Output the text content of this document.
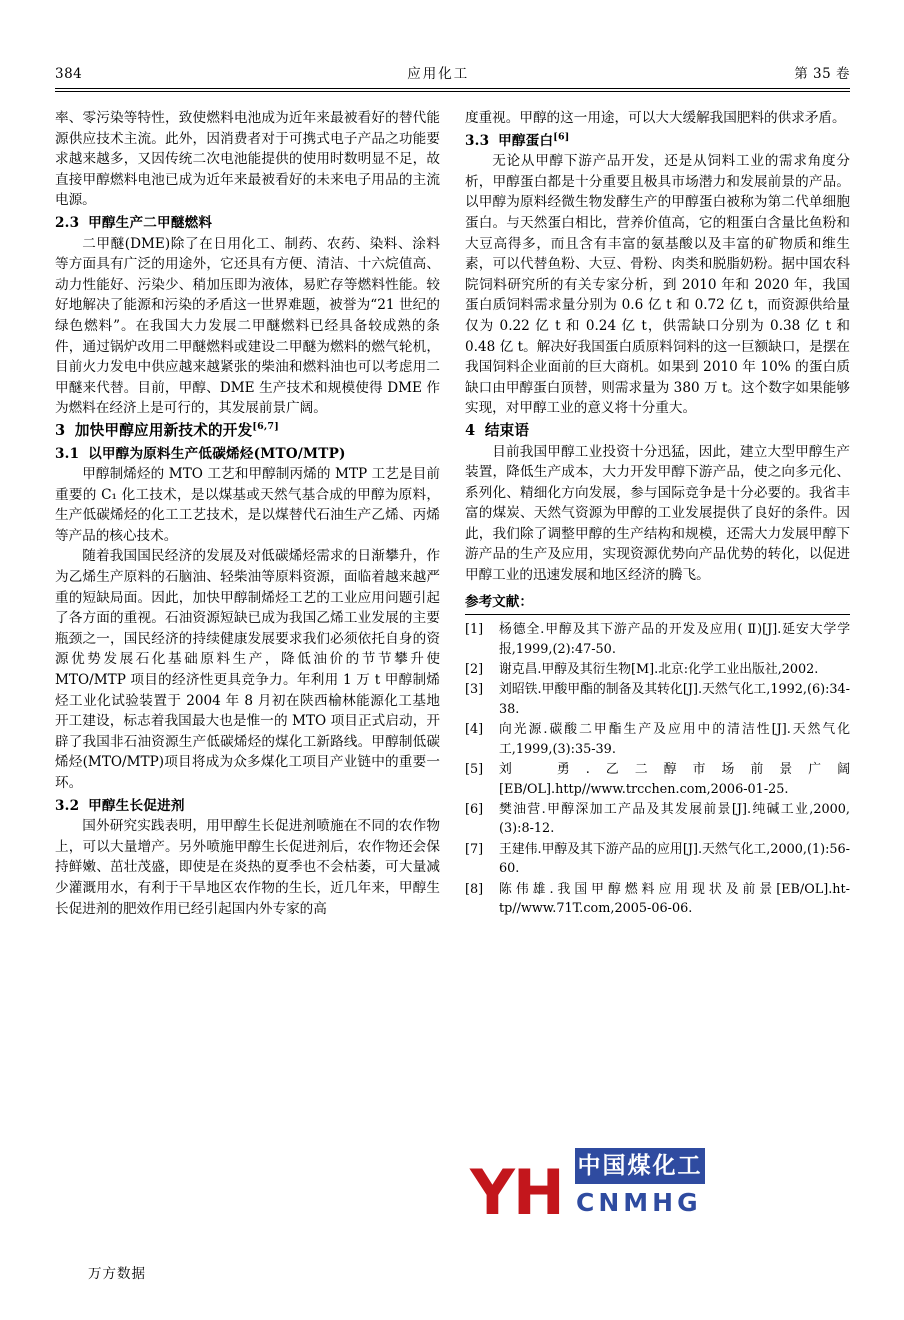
384	应用化工	第 35 卷

率、零污染等特性，致使燃料电池成为近年来最被看好的替代能源供应技术主流。此外，因消费者对于可携式电子产品之功能要求越来越多，又因传统二次电池能提供的使用时数明显不足，故直接甲醇燃料电池已成为近年来最被看好的未来电子用品的主流电源。

2.3 甲醇生产二甲醚燃料

二甲醚(DME)除了在日用化工、制药、农药、染料、涂料等方面具有广泛的用途外，它还具有方便、清洁、十六烷值高、动力性能好、污染少、稍加压即为液体，易贮存等燃料性能。较好地解决了能源和污染的矛盾这一世界难题，被誉为“21 世纪的绿色燃料”。在我国大力发展二甲醚燃料已经具备较成熟的条件，通过锅炉改用二甲醚燃料或建设二甲醚为燃料的燃气轮机，目前火力发电中供应越来越紧张的柴油和燃料油也可以考虑用二甲醚来代替。目前，甲醇、DME 生产技术和规模使得 DME 作为燃料在经济上是可行的，其发展前景广阔。

3 加快甲醇应用新技术的开发[6,7]

3.1 以甲醇为原料生产低碳烯烃(MTO/MTP)

甲醇制烯烃的 MTO 工艺和甲醇制丙烯的 MTP 工艺是目前重要的 C₁ 化工技术，是以煤基或天然气基合成的甲醇为原料，生产低碳烯烃的化工工艺技术，是以煤替代石油生产乙烯、丙烯等产品的核心技术。

随着我国国民经济的发展及对低碳烯烃需求的日渐攀升，作为乙烯生产原料的石脑油、轻柴油等原料资源，面临着越来越严重的短缺局面。因此，加快甲醇制烯烃工艺的工业应用问题引起了各方面的重视。石油资源短缺已成为我国乙烯工业发展的主要瓶颈之一，国民经济的持续健康发展要求我们必须依托自身的资源优势发展石化基础原料生产，降低油价的节节攀升使 MTO/MTP 项目的经济性更具竞争力。年利用 1 万 t 甲醇制烯烃工业化试验装置于 2004 年 8 月初在陕西榆林能源化工基地开工建设，标志着我国最大也是惟一的 MTO 项目正式启动，开辟了我国非石油资源生产低碳烯烃的煤化工新路线。甲醇制低碳烯烃(MTO/MTP)项目将成为众多煤化工项目产业链中的重要一环。

3.2 甲醇生长促进剂

国外研究实践表明，用甲醇生长促进剂喷施在不同的农作物上，可以大量增产。另外喷施甲醇生长促进剂后，农作物还会保持鲜嫩、茁壮茂盛，即使是在炎热的夏季也不会枯萎，可大量减少灌溉用水，有利于干旱地区农作物的生长，近几年来，甲醇生长促进剂的肥效作用已经引起国内外专家的高

度重视。甲醇的这一用途，可以大大缓解我国肥料的供求矛盾。

3.3 甲醇蛋白[6]

无论从甲醇下游产品开发，还是从饲料工业的需求角度分析，甲醇蛋白都是十分重要且极具市场潜力和发展前景的产品。以甲醇为原料经微生物发酵生产的甲醇蛋白被称为第二代单细胞蛋白。与天然蛋白相比，营养价值高，它的粗蛋白含量比鱼粉和大豆高得多，而且含有丰富的氨基酸以及丰富的矿物质和维生素，可以代替鱼粉、大豆、骨粉、肉类和脱脂奶粉。据中国农科院饲料研究所的有关专家分析，到 2010 年和 2020 年，我国蛋白质饲料需求量分别为 0.6 亿 t 和 0.72 亿 t，而资源供给量仅为 0.22 亿 t 和 0.24 亿 t，供需缺口分别为 0.38 亿 t 和 0.48 亿 t。解决好我国蛋白质原料饲料的这一巨额缺口，是摆在我国饲料企业面前的巨大商机。如果到 2010 年 10% 的蛋白质缺口由甲醇蛋白顶替，则需求量为 380 万 t。这个数字如果能够实现，对甲醇工业的意义将十分重大。

4 结束语

目前我国甲醇工业投资十分迅猛，因此，建立大型甲醇生产装置，降低生产成本，大力开发甲醇下游产品，使之向多元化、系列化、精细化方向发展，参与国际竞争是十分必要的。我省丰富的煤炭、天然气资源为甲醇的工业发展提供了良好的条件。因此，我们除了调整甲醇的生产结构和规模，还需大力发展甲醇下游产品的生产及应用，实现资源优势向产品优势的转化，以促进甲醇工业的迅速发展和地区经济的腾飞。

参考文献：

[1]	杨德全.甲醇及其下游产品的开发及应用( Ⅱ)[J].延安大学学报,1999,(2):47-50.
[2]	谢克昌.甲醇及其衍生物[M].北京:化学工业出版社,2002.
[3]	刘昭铁.甲酸甲酯的制备及其转化[J].天然气化工,1992,(6):34-38.
[4]	向光源.碳酸二甲酯生产及应用中的清洁性[J].天然气化工,1999,(3):35-39.
[5]	刘　勇.乙二醇市场前景广阔[EB/OL].http//www.trcchen.com,2006-01-25.
[6]	樊油营.甲醇深加工产品及其发展前景[J].纯碱工业,2000,(3):8-12.
[7]	王建伟.甲醇及其下游产品的应用[J].天然气化工,2000,(1):56-60.
[8]	陈伟雄.我国甲醇燃料应用现状及前景[EB/OL].ht-tp//www.71T.com,2005-06-06.
YH 中国煤化工
CNMHG
万方数据
